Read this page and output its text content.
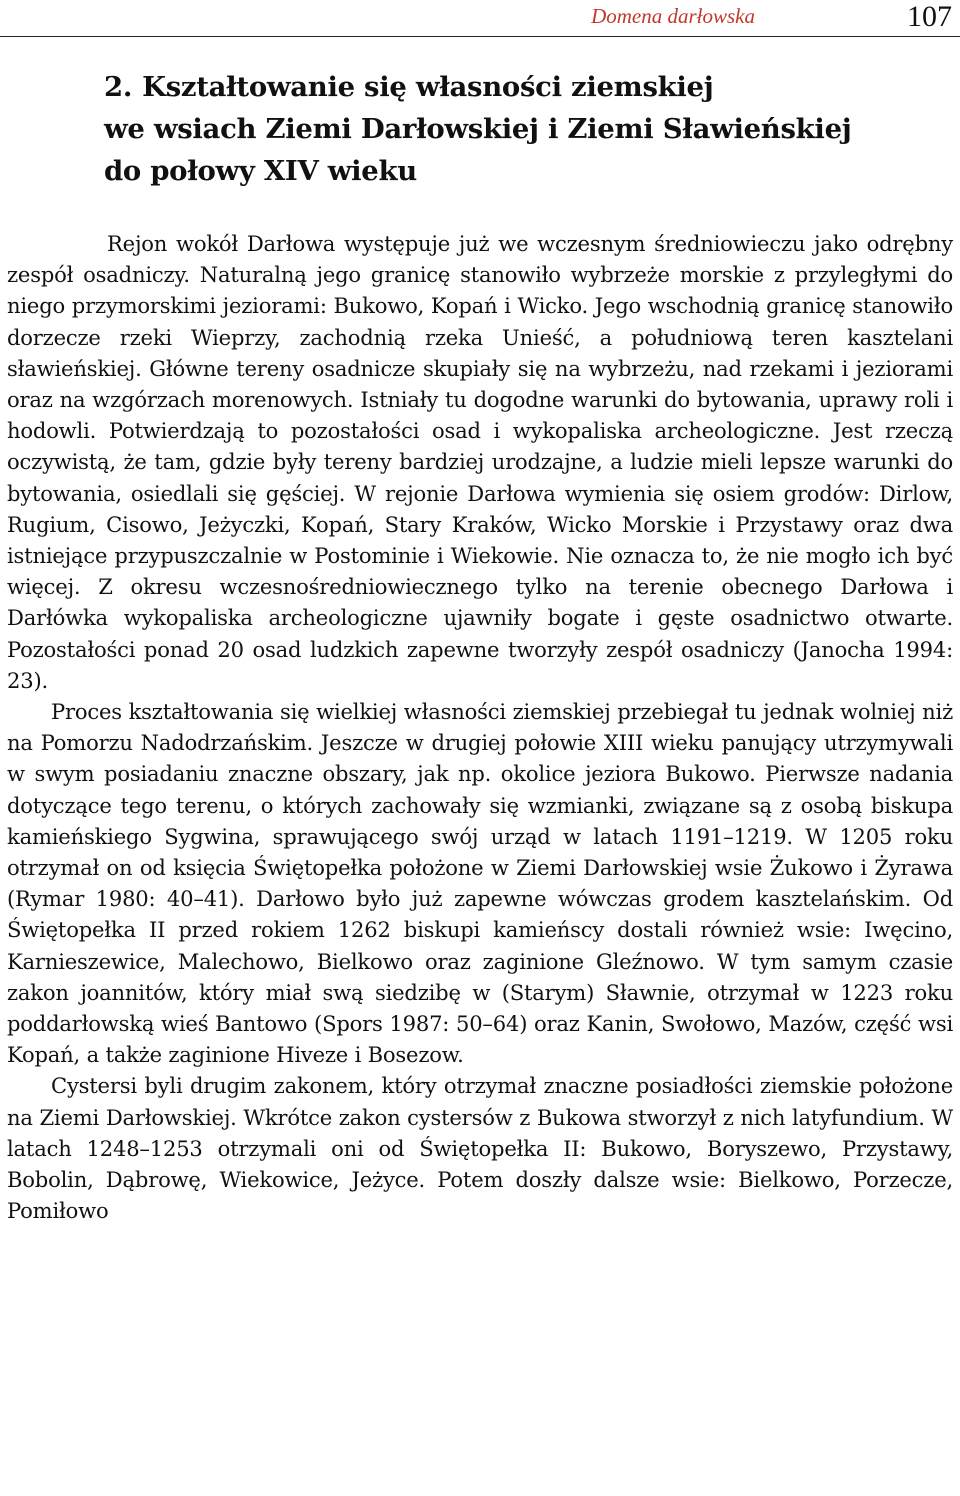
Domena darłowska	107
2. Kształtowanie się własności ziemskiej
we wsiach Ziemi Darłowskiej i Ziemi Sławieńskiej
do połowy XIV wieku

Rejon wokół Darłowa występuje już we wczesnym średniowieczu jako odrębny zespół osadniczy. Naturalną jego granicę stanowiło wybrzeże morskie z przyległymi do niego przymorskimi jeziorami: Bukowo, Kopań i Wicko. Jego wschodnią granicę stanowiło dorzecze rzeki Wieprzy, zachodnią rzeka Unieść, a południową teren kasztelani sławieńskiej. Główne tereny osadnicze skupiały się na wybrzeżu, nad rzekami i jeziorami oraz na wzgórzach morenowych. Istniały tu dogodne warunki do bytowania, uprawy roli i hodowli. Potwierdzają to pozostałości osad i wykopaliska archeologiczne. Jest rzeczą oczywistą, że tam, gdzie były tereny bardziej urodzajne, a ludzie mieli lepsze warunki do bytowania, osiedlali się gęściej. W rejonie Darłowa wymienia się osiem grodów: Dirlow, Rugium, Cisowo, Jeżyczki, Kopań, Stary Kraków, Wicko Morskie i Przystawy oraz dwa istniejące przypuszczalnie w Postominie i Wiekowie. Nie oznacza to, że nie mogło ich być więcej. Z okresu wczesnośredniowiecznego tylko na terenie obecnego Darłowa i Darłówka wykopaliska archeologiczne ujawniły bogate i gęste osadnictwo otwarte. Pozostałości ponad 20 osad ludzkich zapewne tworzyły zespół osadniczy (Janocha 1994: 23).

Proces kształtowania się wielkiej własności ziemskiej przebiegał tu jednak wolniej niż na Pomorzu Nadodrzańskim. Jeszcze w drugiej połowie XIII wieku panujący utrzymywali w swym posiadaniu znaczne obszary, jak np. okolice jeziora Bukowo. Pierwsze nadania dotyczące tego terenu, o których zachowały się wzmianki, związane są z osobą biskupa kamieńskiego Sygwina, sprawującego swój urząd w latach 1191–1219. W 1205 roku otrzymał on od księcia Świętopełka położone w Ziemi Darłowskiej wsie Żukowo i Żyrawa (Rymar 1980: 40–41). Darłowo było już zapewne wówczas grodem kasztelańskim. Od Świętopełka II przed rokiem 1262 biskupi kamieńscy dostali również wsie: Iwęcino, Karnieszewice, Malechowo, Bielkowo oraz zaginione Gleźnowo. W tym samym czasie zakon joannitów, który miał swą siedzibę w (Starym) Sławnie, otrzymał w 1223 roku poddarłowską wieś Bantowo (Spors 1987: 50–64) oraz Kanin, Swołowo, Mazów, część wsi Kopań, a także zaginione Hiveze i Bosezow.

Cystersi byli drugim zakonem, który otrzymał znaczne posiadłości ziemskie położone na Ziemi Darłowskiej. Wkrótce zakon cystersów z Bukowa stworzył z nich latyfundium. W latach 1248–1253 otrzymali oni od Świętopełka II: Bukowo, Boryszewo, Przystawy, Bobolin, Dąbrowę, Wiekowice, Jeżyce. Potem doszły dalsze wsie: Bielkowo, Porzecze, Pomiłowo
